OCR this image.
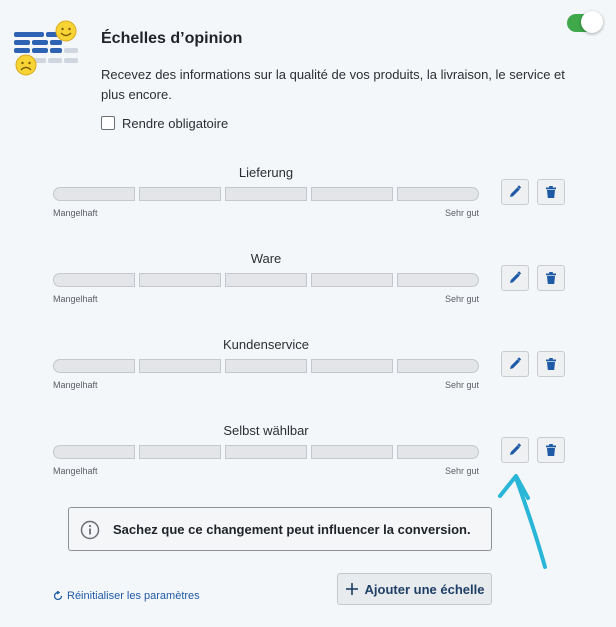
Échelles d’opinion
Recevez des informations sur la qualité de vos produits, la livraison, le service et plus encore.
Rendre obligatoire
Lieferung
Mangelhaft	Sehr gut
Ware
Mangelhaft	Sehr gut
Kundenservice
Mangelhaft	Sehr gut
Selbst wählbar
Mangelhaft	Sehr gut
Sachez que ce changement peut influencer la conversion.
Réinitialiser les paramètres	Ajouter une échelle
